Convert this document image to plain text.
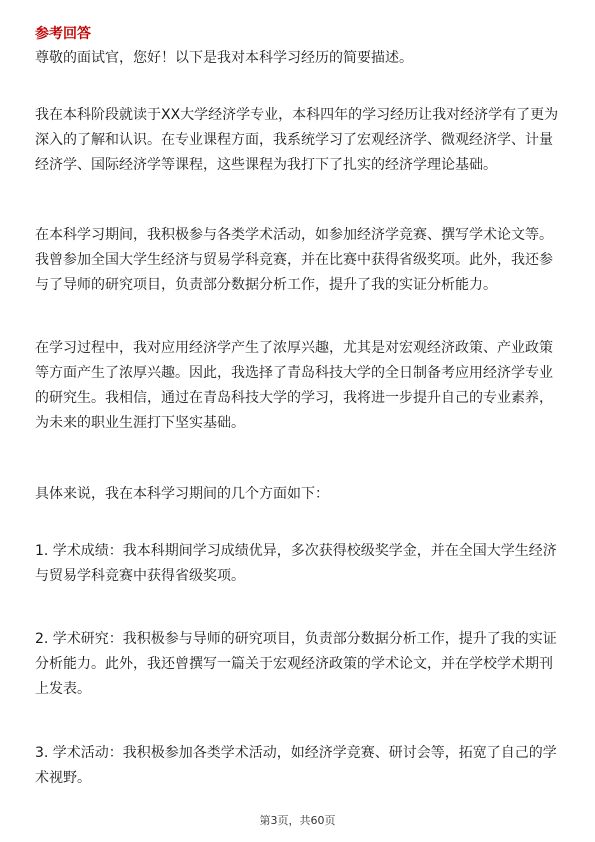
参考回答

尊敬的面试官，您好！以下是我对本科学习经历的简要描述。

我在本科阶段就读于XX大学经济学专业，本科四年的学习经历让我对经济学有了更为深入的了解和认识。在专业课程方面，我系统学习了宏观经济学、微观经济学、计量经济学、国际经济学等课程，这些课程为我打下了扎实的经济学理论基础。

在本科学习期间，我积极参与各类学术活动，如参加经济学竞赛、撰写学术论文等。我曾参加全国大学生经济与贸易学科竞赛，并在比赛中获得省级奖项。此外，我还参与了导师的研究项目，负责部分数据分析工作，提升了我的实证分析能力。

在学习过程中，我对应用经济学产生了浓厚兴趣，尤其是对宏观经济政策、产业政策等方面产生了浓厚兴趣。因此，我选择了青岛科技大学的全日制备考应用经济学专业的研究生。我相信，通过在青岛科技大学的学习，我将进一步提升自己的专业素养，为未来的职业生涯打下坚实基础。

具体来说，我在本科学习期间的几个方面如下：

1. 学术成绩：我本科期间学习成绩优异，多次获得校级奖学金，并在全国大学生经济与贸易学科竞赛中获得省级奖项。

2. 学术研究：我积极参与导师的研究项目，负责部分数据分析工作，提升了我的实证分析能力。此外，我还曾撰写一篇关于宏观经济政策的学术论文，并在学校学术期刊上发表。

3. 学术活动：我积极参加各类学术活动，如经济学竞赛、研讨会等，拓宽了自己的学术视野。

第3页，共60页
